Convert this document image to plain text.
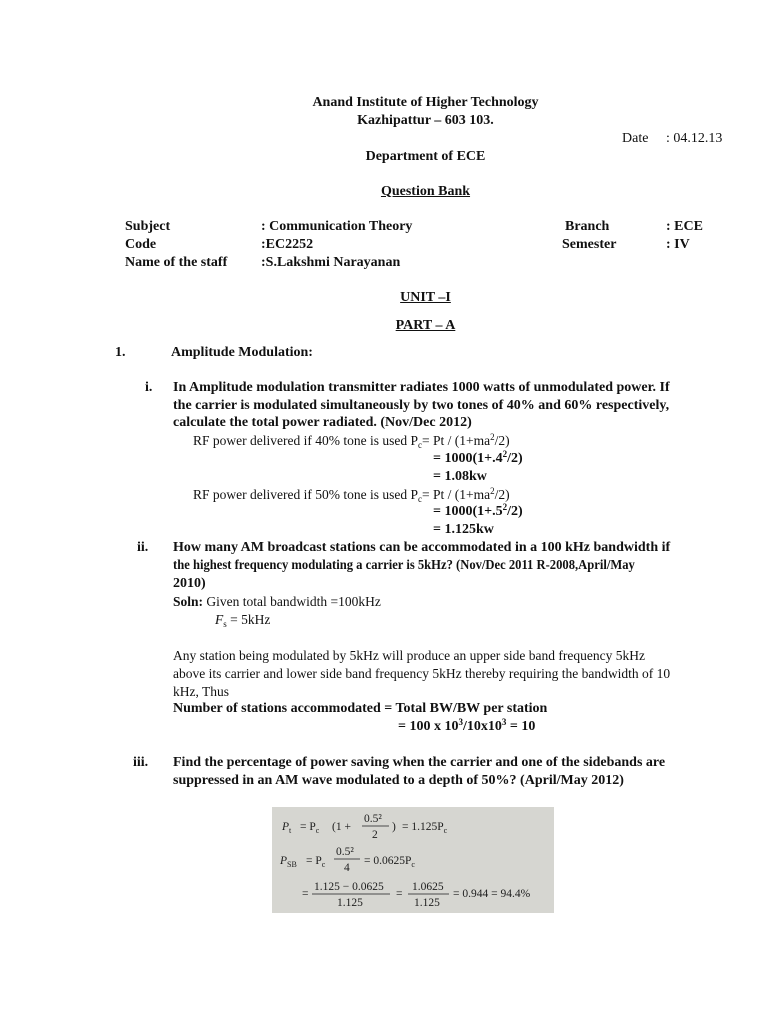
Anand Institute of Higher Technology
Kazhipattur – 603 103.
Date : 04.12.13
Department of ECE
Question Bank
Subject	: Communication Theory	Branch	: ECE
Code	:EC2252	Semester	: IV
Name of the staff :S.Lakshmi Narayanan
UNIT –I
PART – A
1.	Amplitude Modulation:
i. In Amplitude modulation transmitter radiates 1000 watts of unmodulated power. If
the carrier is modulated simultaneously by two tones of 40% and 60% respectively,
calculate the total power radiated. (Nov/Dec 2012)
RF power delivered if 40% tone is used $P_c= Pt / (1+ma^2/2)$
= $1000(1+.4^2/2)$
= 1.08kw
RF power delivered if 50% tone is used $P_c= Pt / (1+ma^2/2)$
= $1000(1+.5^2/2)$
= 1.125kw
ii. How many AM broadcast stations can be accommodated in a 100 kHz bandwidth if
the highest frequency modulating a carrier is 5kHz? (Nov/Dec 2011 R-2008,April/May
2010)
Soln: Given total bandwidth =100kHz
$F_s = 5kHz$
Any station being modulated by 5kHz will produce an upper side band frequency 5kHz
above its carrier and lower side band frequency 5kHz thereby requiring the bandwidth of 10
kHz, Thus
Number of stations accommodated = Total BW/BW per station
= 100 x $10^3/10x10^3 = 10$
iii. Find the percentage of power saving when the carrier and one of the sidebands are
suppressed in an AM wave modulated to a depth of 50%? (April/May 2012)
$P_t = P_c$ (1 +
0.5²
2
) = $1.125P_c$
$P_{SB} = P_c$
0.5²
4
= $0.0625P_c$
=
1.125 − 0.0625
1.125
=
1.0625
1.125
= 0.944 = 94.4%
